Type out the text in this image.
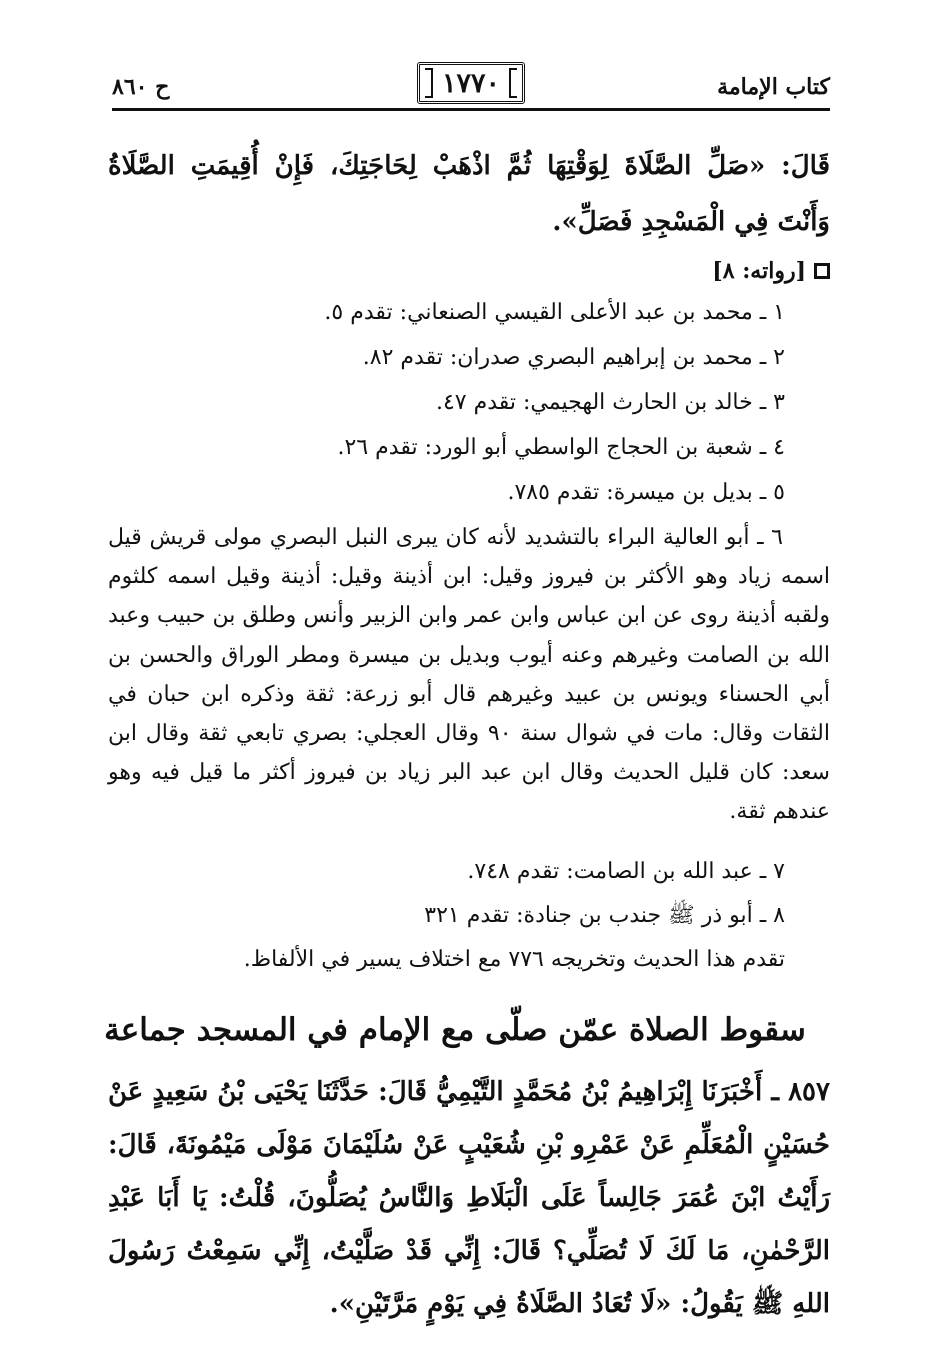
كتاب الإمامة
١٧٧٠
ح ٨٦٠
قَالَ: «صَلِّ الصَّلَاةَ لِوَقْتِهَا ثُمَّ اذْهَبْ لِحَاجَتِكَ، فَإِنْ أُقِيمَتِ الصَّلَاةُ وَأَنْتَ فِي الْمَسْجِدِ فَصَلِّ».
[رواته: ٨]
١ ـ محمد بن عبد الأعلى القيسي الصنعاني: تقدم ٥.
٢ ـ محمد بن إبراهيم البصري صدران: تقدم ٨٢.
٣ ـ خالد بن الحارث الهجيمي: تقدم ٤٧.
٤ ـ شعبة بن الحجاج الواسطي أبو الورد: تقدم ٢٦.
٥ ـ بديل بن ميسرة: تقدم ٧٨٥.
٦ ـ أبو العالية البراء بالتشديد لأنه كان يبرى النبل البصري مولى قريش قيل اسمه زياد وهو الأكثر بن فيروز وقيل: ابن أذينة وقيل: أذينة وقيل اسمه كلثوم ولقبه أذينة روى عن ابن عباس وابن عمر وابن الزبير وأنس وطلق بن حبيب وعبد الله بن الصامت وغيرهم وعنه أيوب وبديل بن ميسرة ومطر الوراق والحسن بن أبي الحسناء ويونس بن عبيد وغيرهم قال أبو زرعة: ثقة وذكره ابن حبان في الثقات وقال: مات في شوال سنة ٩٠ وقال العجلي: بصري تابعي ثقة وقال ابن سعد: كان قليل الحديث وقال ابن عبد البر زياد بن فيروز أكثر ما قيل فيه وهو عندهم ثقة.
٧ ـ عبد الله بن الصامت: تقدم ٧٤٨.
٨ ـ أبو ذر ﷺ جندب بن جنادة: تقدم ٣٢١
تقدم هذا الحديث وتخريجه ٧٧٦ مع اختلاف يسير في الألفاظ.
سقوط الصلاة عمّن صلّى مع الإمام في المسجد جماعة
٨٥٧ ـ أَخْبَرَنَا إِبْرَاهِيمُ بْنُ مُحَمَّدٍ التَّيْمِيُّ قَالَ: حَدَّثَنَا يَحْيَى بْنُ سَعِيدٍ عَنْ حُسَيْنٍ الْمُعَلِّمِ عَنْ عَمْرِو بْنِ شُعَيْبٍ عَنْ سُلَيْمَانَ مَوْلَى مَيْمُونَةَ، قَالَ: رَأَيْتُ ابْنَ عُمَرَ جَالِساً عَلَى الْبَلَاطِ وَالنَّاسُ يُصَلُّونَ، قُلْتُ: يَا أَبَا عَبْدِ الرَّحْمٰنِ، مَا لَكَ لَا تُصَلِّي؟ قَالَ: إِنِّي قَدْ صَلَّيْتُ، إِنِّي سَمِعْتُ رَسُولَ اللهِ ﷺ يَقُولُ: «لَا تُعَادُ الصَّلَاةُ فِي يَوْمٍ مَرَّتَيْنِ».
